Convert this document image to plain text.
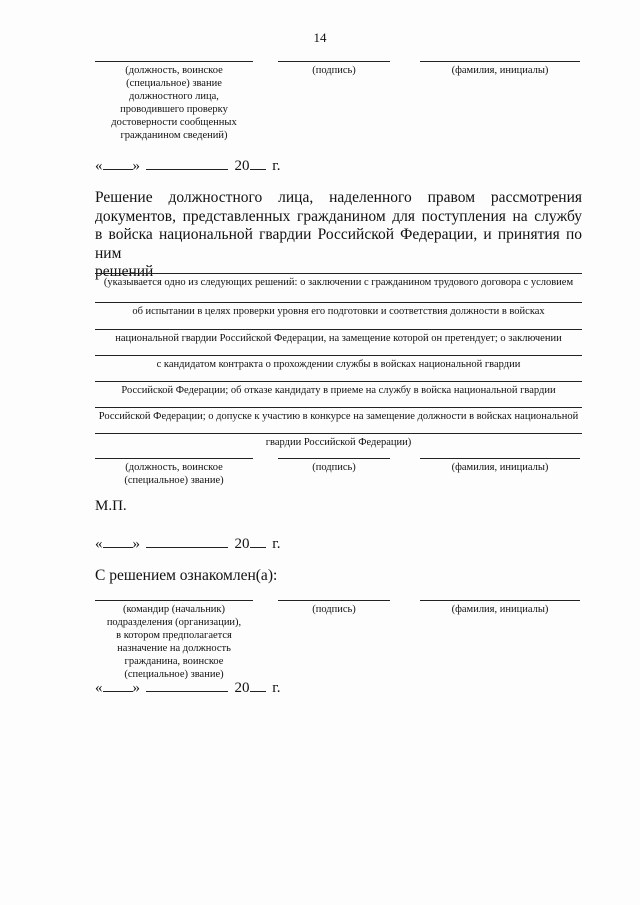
14
(должность, воинское
(специальное) звание
должностного лица,
проводившего проверку
достоверности сообщенных
гражданином сведений)
(подпись)	(фамилия, инициалы)
« »	20 г.
Решение должностного лица, наделенного правом рассмотрения
документов, представленных гражданином для поступления на службу
в войска национальной гвардии Российской Федерации, и принятия по ним
решений
(указывается одно из следующих решений: о заключении с гражданином трудового договора с условием
об испытании в целях проверки уровня его подготовки и соответствия должности в войсках
национальной гвардии Российской Федерации, на замещение которой он претендует; о заключении
с кандидатом контракта о прохождении службы в войсках национальной гвардии
Российской Федерации; об отказе кандидату в приеме на службу в войска национальной гвардии
Российской Федерации; о допуске к участию в конкурсе на замещение должности в войсках национальной
гвардии Российской Федерации)
(должность, воинское
(специальное) звание)
(подпись)	(фамилия, инициалы)
М.П.
« »	20 г.
С решением ознакомлен(а):
(командир (начальник)
подразделения (организации),
в котором предполагается
назначение на должность
гражданина, воинское
(специальное) звание)
(подпись)	(фамилия, инициалы)
« »	20 г.
